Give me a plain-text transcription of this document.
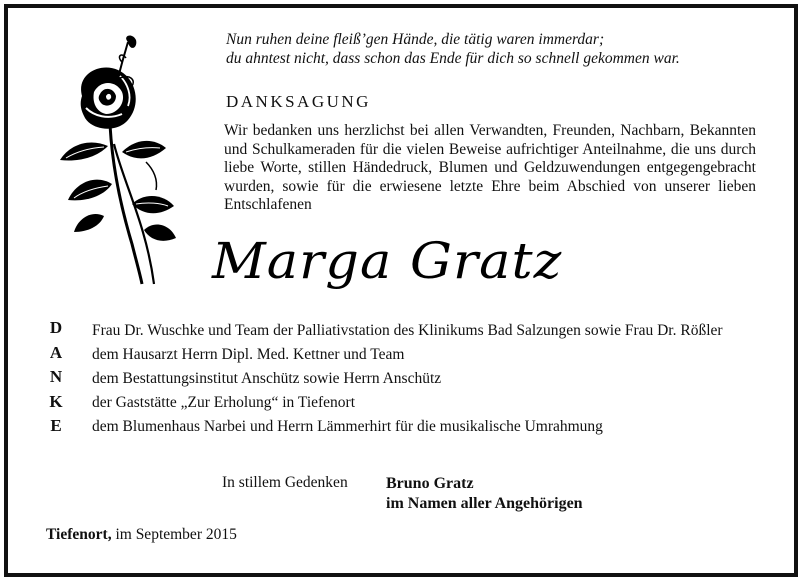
Nun ruhen deine fleiß’gen Hände, die tätig waren immerdar;
du ahntest nicht, dass schon das Ende für dich so schnell gekommen war.
DANKSAGUNG
Wir bedanken uns herzlichst bei allen Verwandten, Freunden, Nachbarn, Bekannten und Schulkameraden für die vielen Beweise aufrichtiger Anteilnahme, die uns durch liebe Worte, stillen Händedruck, Blumen und Geldzuwendungen entgegengebracht wurden, sowie für die erwiesene letzte Ehre beim Abschied von unserer lieben Entschlafenen
Marga Gratz
D
A
N
K
E
Frau Dr. Wuschke und Team der Palliativstation des Klinikums Bad Salzungen sowie Frau Dr. Rößler
dem Hausarzt Herrn Dipl. Med. Kettner und Team
dem Bestattungsinstitut Anschütz sowie Herrn Anschütz
der Gaststätte „Zur Erholung“ in Tiefenort
dem Blumenhaus Narbei und Herrn Lämmerhirt für die musikalische Umrahmung
In stillem Gedenken Bruno Gratz
im Namen aller Angehörigen
Tiefenort, im September 2015
